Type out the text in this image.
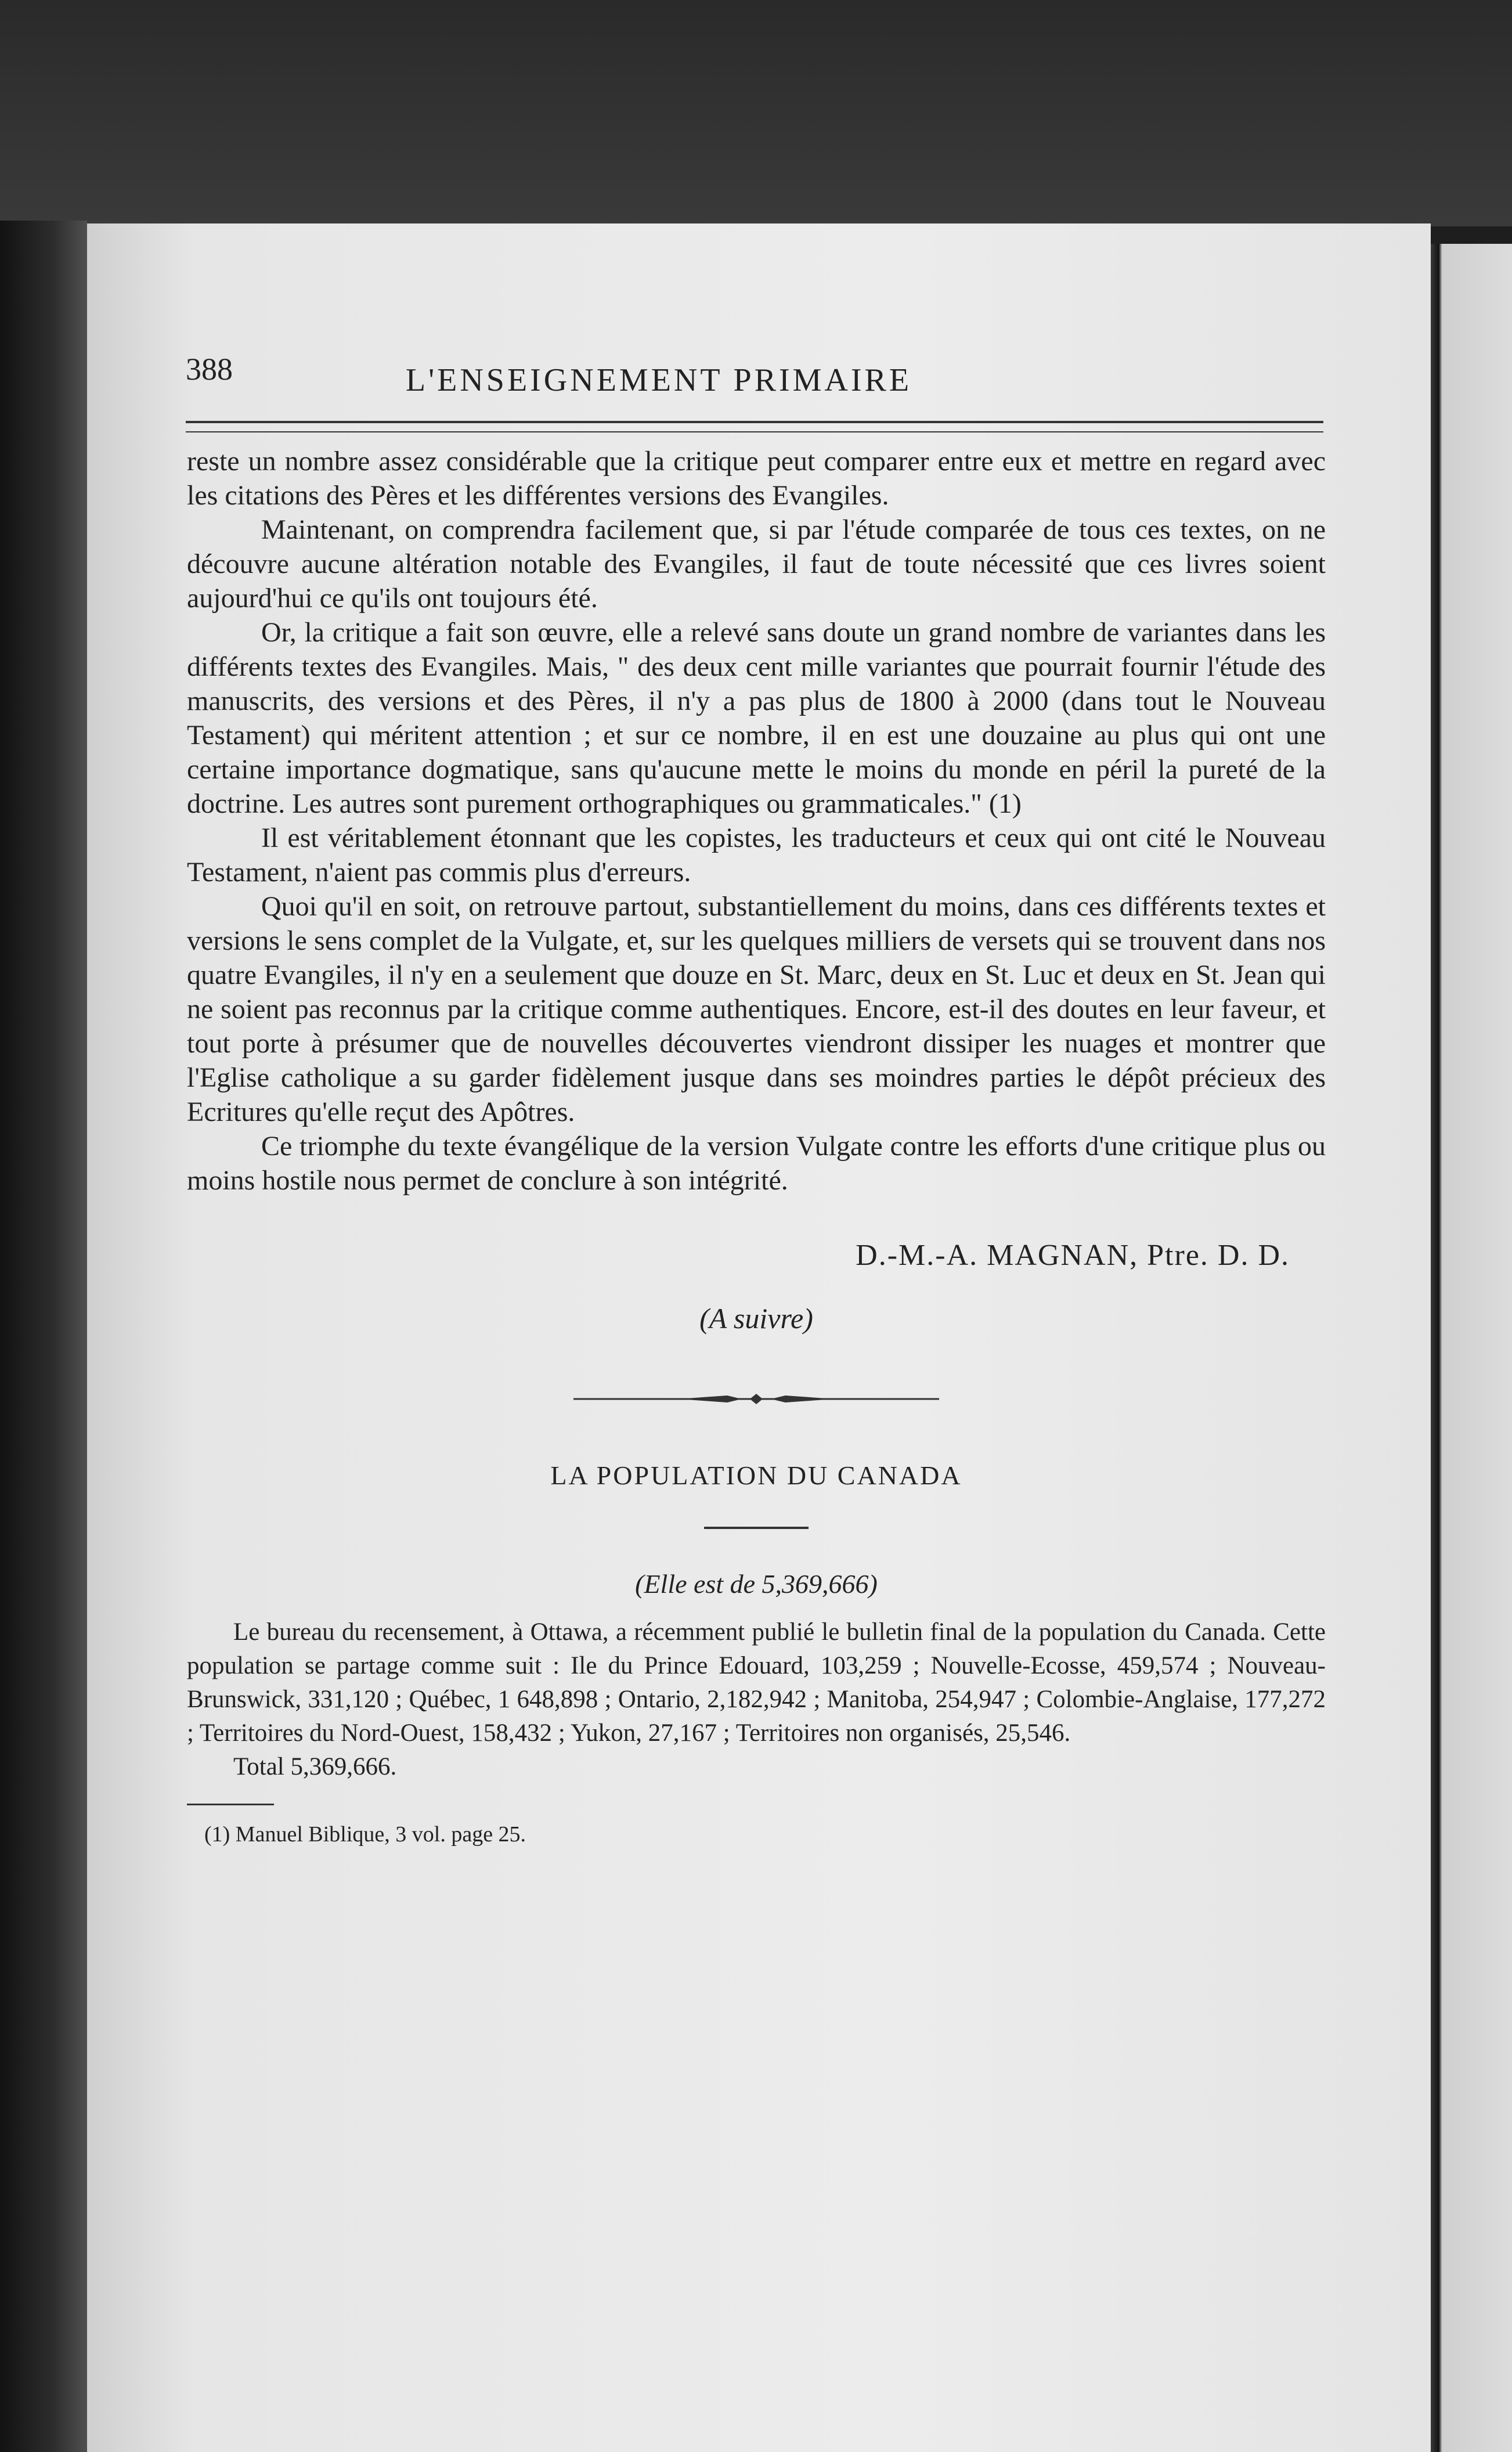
388	L'ENSEIGNEMENT PRIMAIRE

reste un nombre assez considérable que la critique peut comparer entre eux et mettre en regard avec les citations des Pères et les différentes versions des Evangiles.

Maintenant, on comprendra facilement que, si par l'étude comparée de tous ces textes, on ne découvre aucune altération notable des Evangiles, il faut de toute nécessité que ces livres soient aujourd'hui ce qu'ils ont toujours été.

Or, la critique a fait son œuvre, elle a relevé sans doute un grand nombre de variantes dans les différents textes des Evangiles. Mais, " des deux cent mille variantes que pourrait fournir l'étude des manuscrits, des versions et des Pères, il n'y a pas plus de 1800 à 2000 (dans tout le Nouveau Testament) qui méritent attention ; et sur ce nombre, il en est une douzaine au plus qui ont une certaine importance dogmatique, sans qu'aucune mette le moins du monde en péril la pureté de la doctrine. Les autres sont purement orthographiques ou grammaticales." (1)

Il est véritablement étonnant que les copistes, les traducteurs et ceux qui ont cité le Nouveau Testament, n'aient pas commis plus d'erreurs.

Quoi qu'il en soit, on retrouve partout, substantiellement du moins, dans ces différents textes et versions le sens complet de la Vulgate, et, sur les quelques milliers de versets qui se trouvent dans nos quatre Evangiles, il n'y en a seulement que douze en St. Marc, deux en St. Luc et deux en St. Jean qui ne soient pas reconnus par la critique comme authentiques. Encore, est-il des doutes en leur faveur, et tout porte à présumer que de nouvelles découvertes viendront dissiper les nuages et montrer que l'Eglise catholique a su garder fidèlement jusque dans ses moindres parties le dépôt précieux des Ecritures qu'elle reçut des Apôtres.

Ce triomphe du texte évangélique de la version Vulgate contre les efforts d'une critique plus ou moins hostile nous permet de conclure à son intégrité.

D.-M.-A. MAGNAN, Ptre. D. D.

(A suivre)

LA POPULATION DU CANADA

(Elle est de 5,369,666)

Le bureau du recensement, à Ottawa, a récemment publié le bulletin final de la population du Canada. Cette population se partage comme suit : Ile du Prince Edouard, 103,259 ; Nouvelle-Ecosse, 459,574 ; Nouveau-Brunswick, 331,120 ; Québec, 1 648,898 ; Ontario, 2,182,942 ; Manitoba, 254,947 ; Colombie-Anglaise, 177,272 ; Territoires du Nord-Ouest, 158,432 ; Yukon, 27,167 ; Territoires non organisés, 25,546.

Total 5,369,666.

(1) Manuel Biblique, 3 vol. page 25.
